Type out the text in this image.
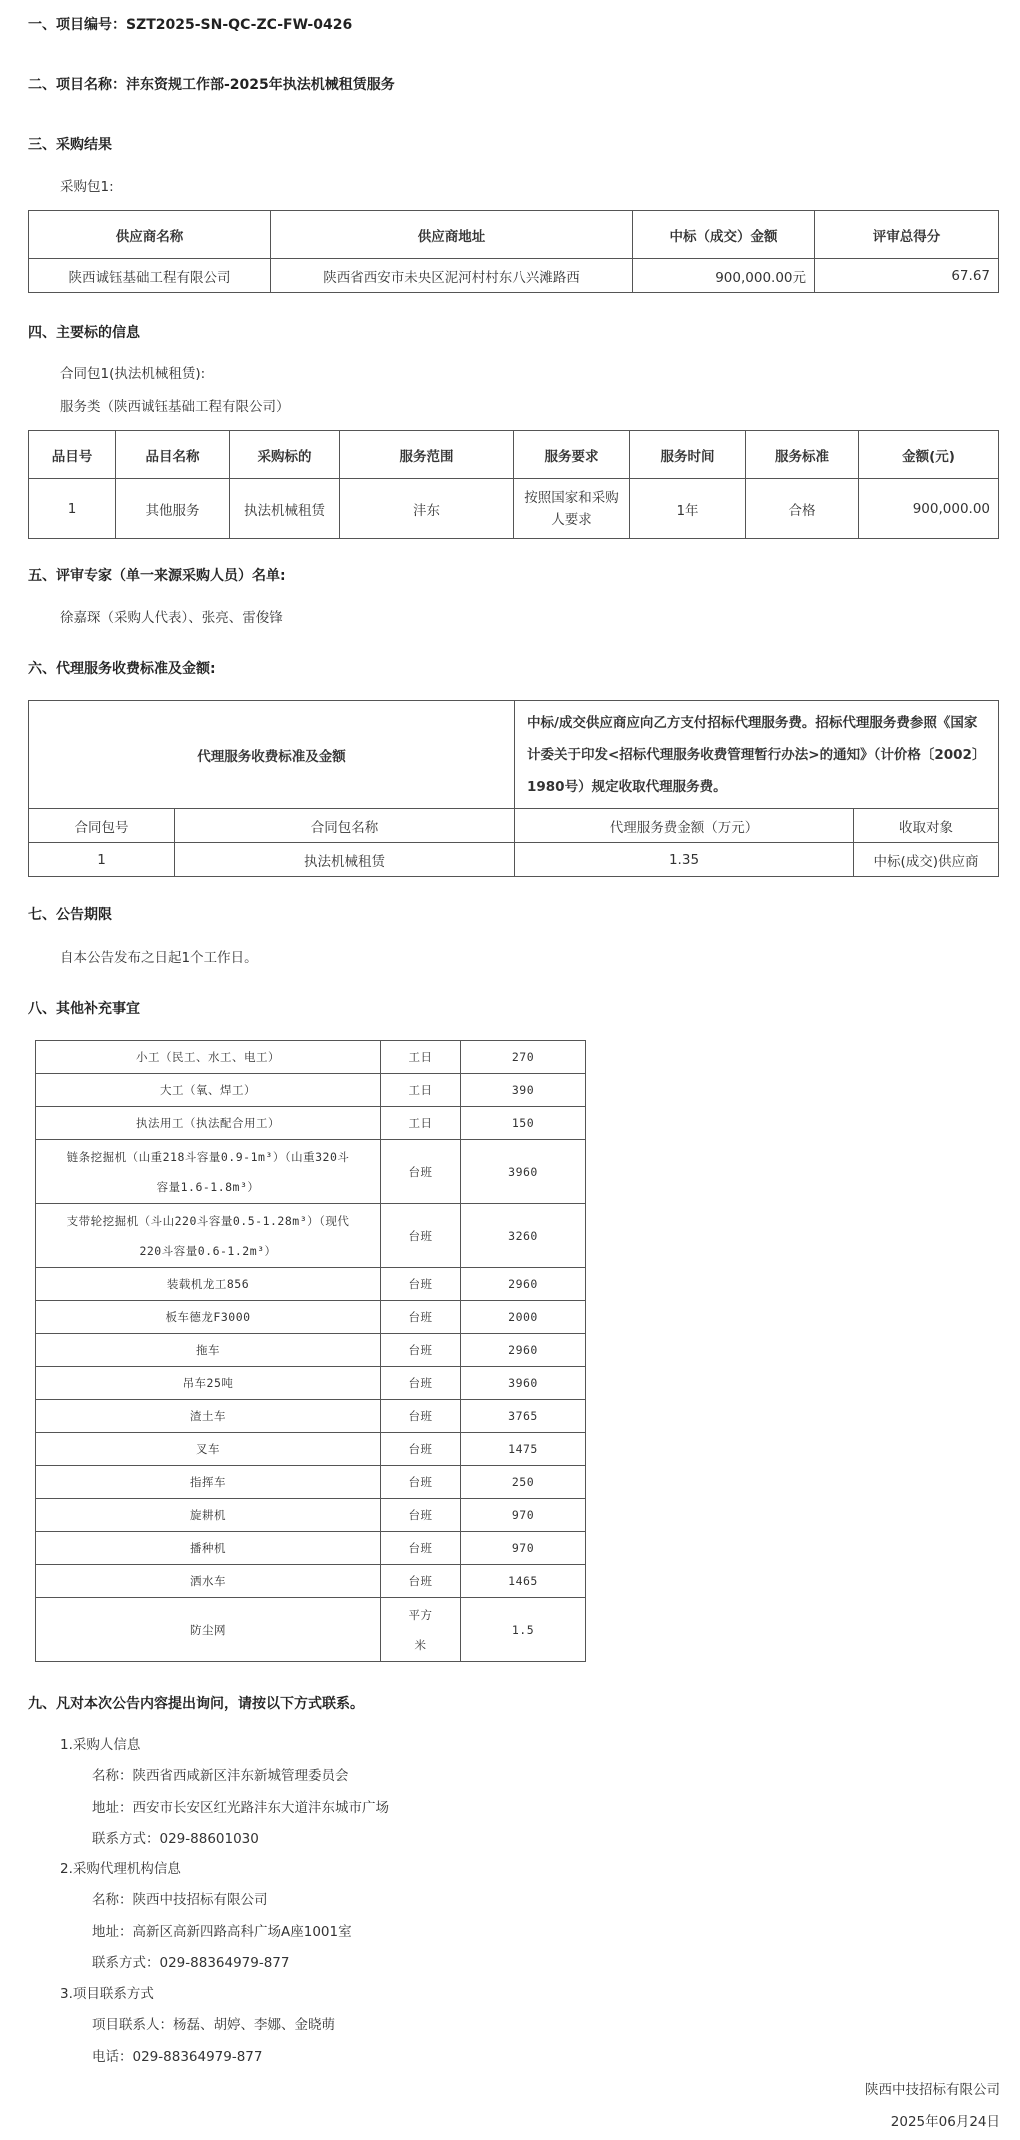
一、项目编号：SZT2025-SN-QC-ZC-FW-0426
二、项目名称：沣东资规工作部-2025年执法机械租赁服务
三、采购结果
采购包1:
供应商名称	供应商地址	中标（成交）金额	评审总得分
陕西诚钰基础工程有限公司	陕西省西安市未央区泥河村村东八兴滩路西	900,000.00元	67.67
四、主要标的信息
合同包1(执法机械租赁):
服务类（陕西诚钰基础工程有限公司）
品目号	品目名称	采购标的	服务范围	服务要求	服务时间	服务标准	金额(元)
1	其他服务	执法机械租赁	沣东	按照国家和采购人要求	1年	合格	900,000.00
五、评审专家（单一来源采购人员）名单:
徐嘉琛（采购人代表）、张亮、雷俊锋
六、代理服务收费标准及金额:
代理服务收费标准及金额		中标/成交供应商应向乙方支付招标代理服务费。招标代理服务费参照《国家计委关于印发<招标代理服务收费管理暂行办法>的通知》（计价格〔2002〕1980号）规定收取代理服务费。	
合同包号	合同包名称	代理服务费金额（万元）	收取对象
1	执法机械租赁	1.35	中标(成交)供应商
七、公告期限
自本公告发布之日起1个工作日。
八、其他补充事宜
小工（民工、水工、电工）	工日	270
大工（氧、焊工）	工日	390
执法用工（执法配合用工）	工日	150
链条挖掘机（山重218斗容量0.9-1m³）（山重320斗容量1.6-1.8m³）	台班	3960
支带轮挖掘机（斗山220斗容量0.5-1.28m³）（现代220斗容量0.6-1.2m³）	台班	3260
装载机龙工856	台班	2960
板车德龙F3000	台班	2000
拖车	台班	2960
吊车25吨	台班	3960
渣土车	台班	3765
叉车	台班	1475
指挥车	台班	250
旋耕机	台班	970
播种机	台班	970
洒水车	台班	1465
防尘网	平方米	1.5
九、凡对本次公告内容提出询问，请按以下方式联系。
1.采购人信息
名称：陕西省西咸新区沣东新城管理委员会
地址：西安市长安区红光路沣东大道沣东城市广场
联系方式：029-88601030
2.采购代理机构信息
名称：陕西中技招标有限公司
地址：高新区高新四路高科广场A座1001室
联系方式：029-88364979-877
3.项目联系方式
项目联系人：杨磊、胡婷、李娜、金晓萌
电话：029-88364979-877
陕西中技招标有限公司
2025年06月24日
